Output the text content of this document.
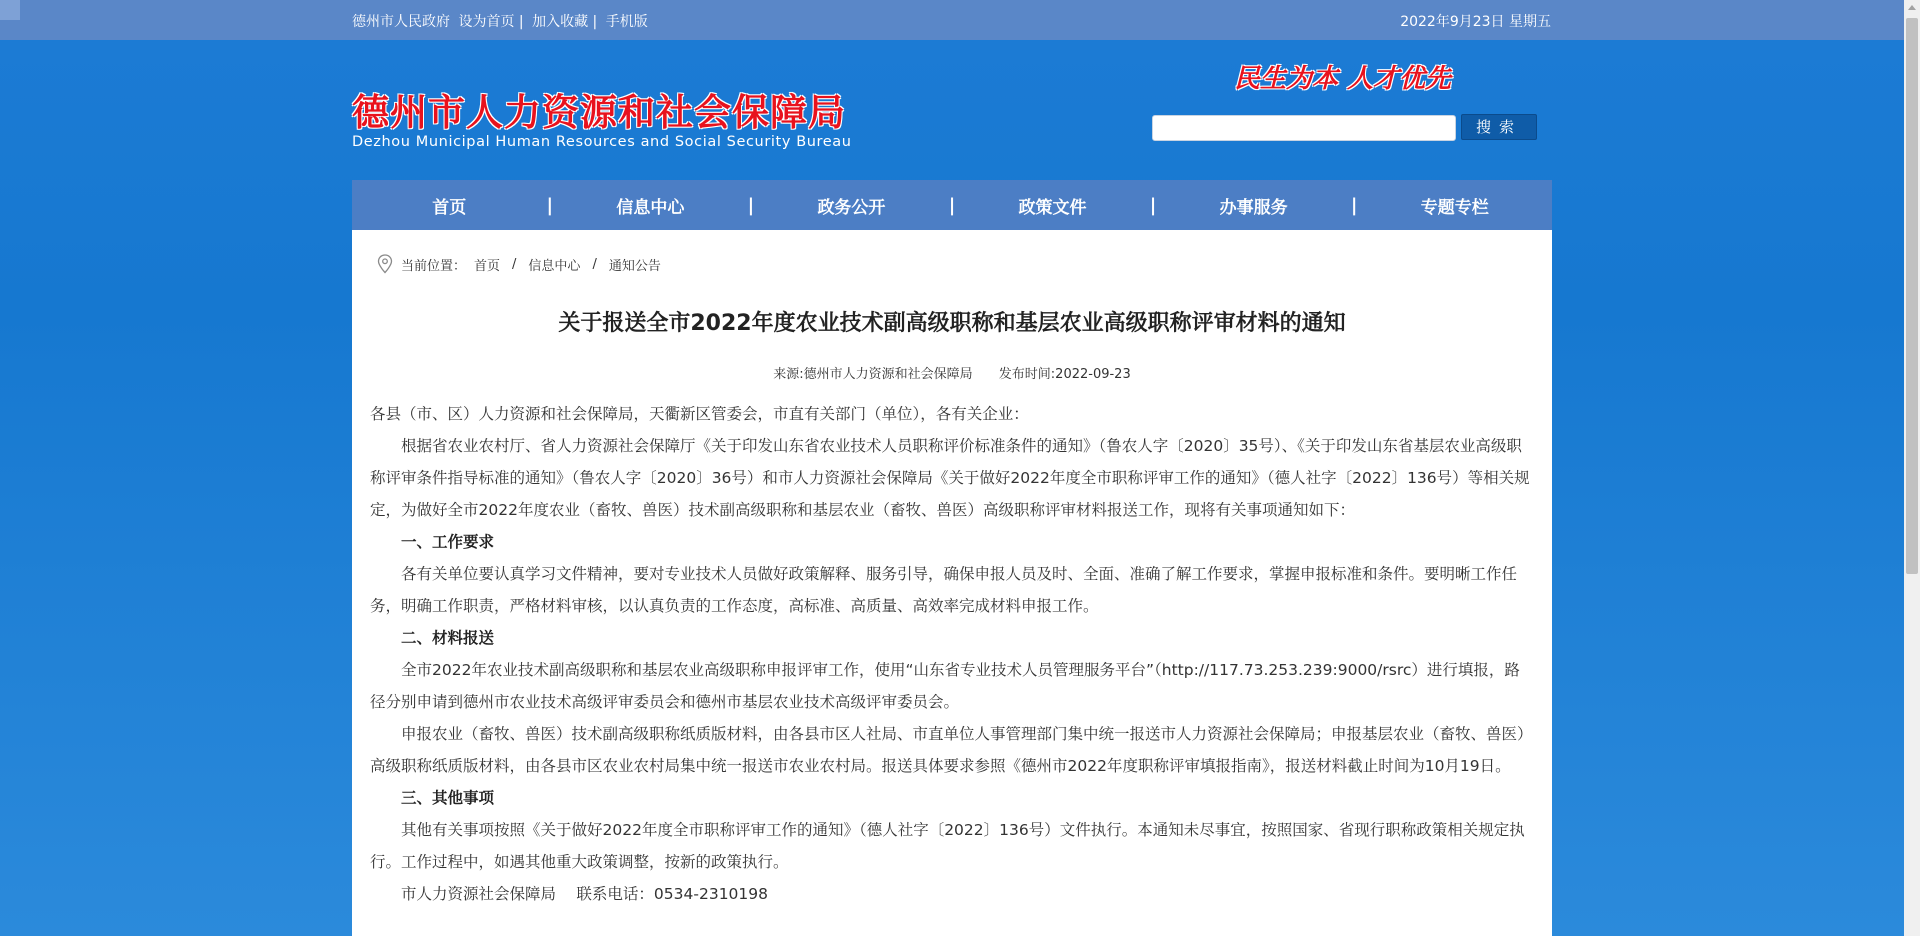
德州市人民政府 设为首页 | 加入收藏 | 手机版	2022年9月23日 星期五
德州市人力资源和社会保障局
Dezhou Municipal Human Resources and Social Security Bureau
民生为本 人才优先
搜索
首页	|	信息中心	|	政务公开	|	政策文件	|	办事服务	|	专题专栏
当前位置： 首页 / 信息中心 / 通知公告
关于报送全市2022年度农业技术副高级职称和基层农业高级职称评审材料的通知
来源:德州市人力资源和社会保障局 发布时间:2022-09-23

各县（市、区）人力资源和社会保障局，天衢新区管委会，市直有关部门（单位），各有关企业：

根据省农业农村厅、省人力资源社会保障厅《关于印发山东省农业技术人员职称评价标准条件的通知》（鲁农人字〔2020〕35号）、《关于印发山东省基层农业高级职称评审条件指导标准的通知》（鲁农人字〔2020〕36号）和市人力资源社会保障局《关于做好2022年度全市职称评审工作的通知》（德人社字〔2022〕136号）等相关规定，为做好全市2022年度农业（畜牧、兽医）技术副高级职称和基层农业（畜牧、兽医）高级职称评审材料报送工作，现将有关事项通知如下：

一、工作要求

各有关单位要认真学习文件精神，要对专业技术人员做好政策解释、服务引导，确保申报人员及时、全面、准确了解工作要求，掌握申报标准和条件。要明晰工作任务，明确工作职责，严格材料审核，以认真负责的工作态度，高标准、高质量、高效率完成材料申报工作。

二、材料报送

全市2022年农业技术副高级职称和基层农业高级职称申报评审工作，使用“山东省专业技术人员管理服务平台”（http://117.73.253.239:9000/rsrc）进行填报，路径分别申请到德州市农业技术高级评审委员会和德州市基层农业技术高级评审委员会。

申报农业（畜牧、兽医）技术副高级职称纸质版材料，由各县市区人社局、市直单位人事管理部门集中统一报送市人力资源社会保障局；申报基层农业（畜牧、兽医）高级职称纸质版材料，由各县市区农业农村局集中统一报送市农业农村局。报送具体要求参照《德州市2022年度职称评审填报指南》，报送材料截止时间为10月19日。

三、其他事项

其他有关事项按照《关于做好2022年度全市职称评审工作的通知》（德人社字〔2022〕136号）文件执行。本通知未尽事宜，按照国家、省现行职称政策相关规定执行。工作过程中，如遇其他重大政策调整，按新的政策执行。

市人力资源社会保障局　 联系电话：0534-2310198
